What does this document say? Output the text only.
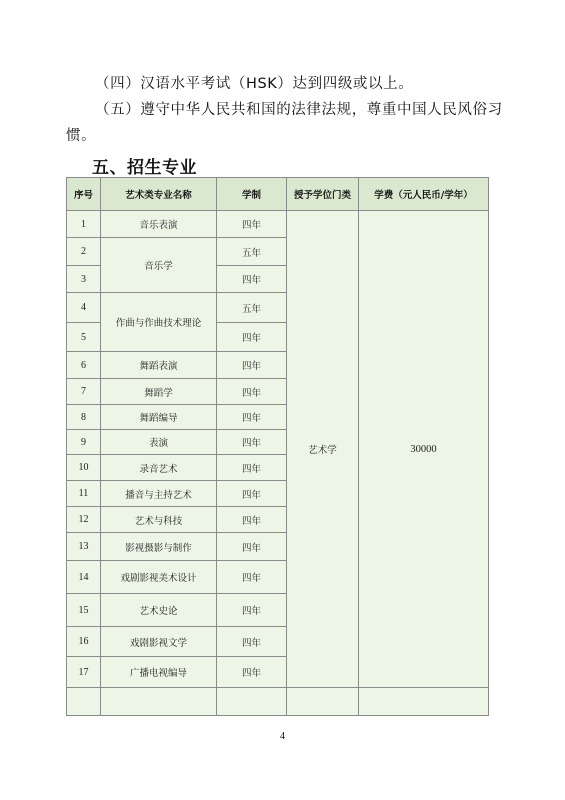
（四）汉语水平考试（HSK）达到四级或以上。

（五）遵守中华人民共和国的法律法规，尊重中国人民风俗习惯。

五、招生专业
序号	艺术类专业名称	学制	授予学位门类	学费（元人民币/学年）
1	音乐表演	四年	艺术学	30000
2	音乐学	五年		
3		四年		
4	作曲与作曲技术理论	五年		
5		四年		
6	舞蹈表演	四年		
7	舞蹈学	四年		
8	舞蹈编导	四年		
9	表演	四年		
10	录音艺术	四年		
11	播音与主持艺术	四年		
12	艺术与科技	四年		
13	影视摄影与制作	四年		
14	戏剧影视美术设计	四年		
15	艺术史论	四年		
16	戏剧影视文学	四年		
17	广播电视编导	四年		

4
